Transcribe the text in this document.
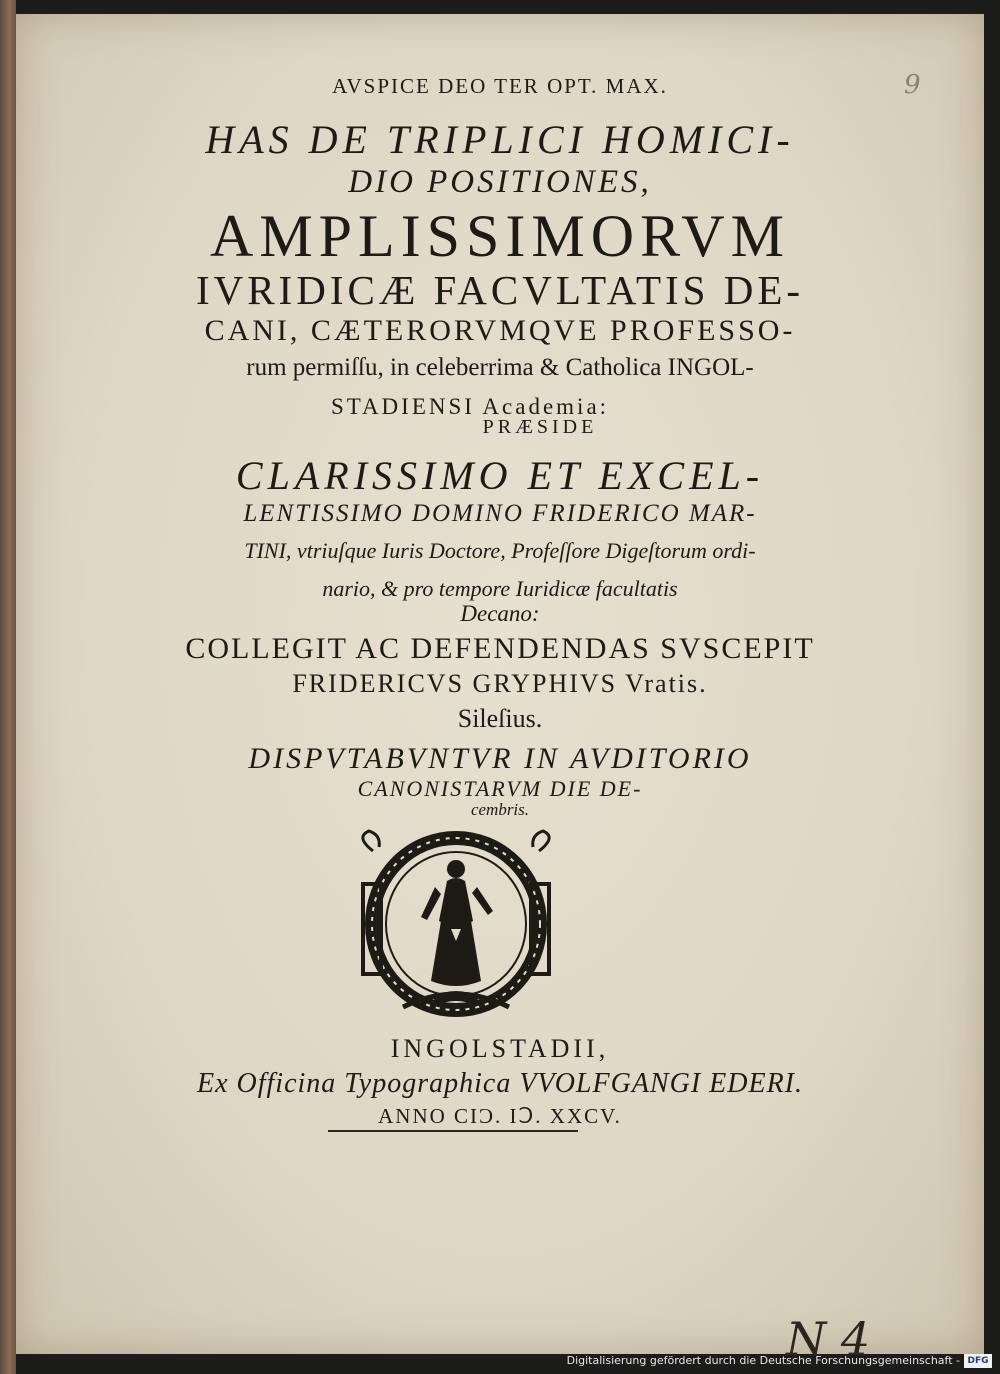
9
AVSPICE DEO TER OPT. MAX.
HAS DE TRIPLICI HOMICI-
DIO POSITIONES,
AMPLISSIMORVM
IVRIDICÆ FACVLTATIS DE-
CANI, CÆTERORVMQVE PROFESSO-
rum permiſſu, in celeberrima & Catholica INGOL-
STADIENSI Academia:
PRÆSIDE
CLARISSIMO ET EXCEL-
LENTISSIMO DOMINO FRIDERICO MAR-
TINI, vtriuſque Iuris Doctore, Profeſſore Digeſtorum ordi-
nario, & pro tempore Iuridicæ facultatis
Decano:
COLLEGIT AC DEFENDENDAS SVSCEPIT
FRIDERICVS GRYPHIVS Vratis.
Sileſius.
DISPVTABVNTVR IN AVDITORIO
CANONISTARVM DIE DE-
cembris.
INGOLSTADII,
Ex Officina Typographica VVOLFGANGI EDERI.
ANNO CIƆ. IↃ. XXCV.
N 4
Digitalisierung gefördert durch die Deutsche Forschungsgemeinschaft - DFG
